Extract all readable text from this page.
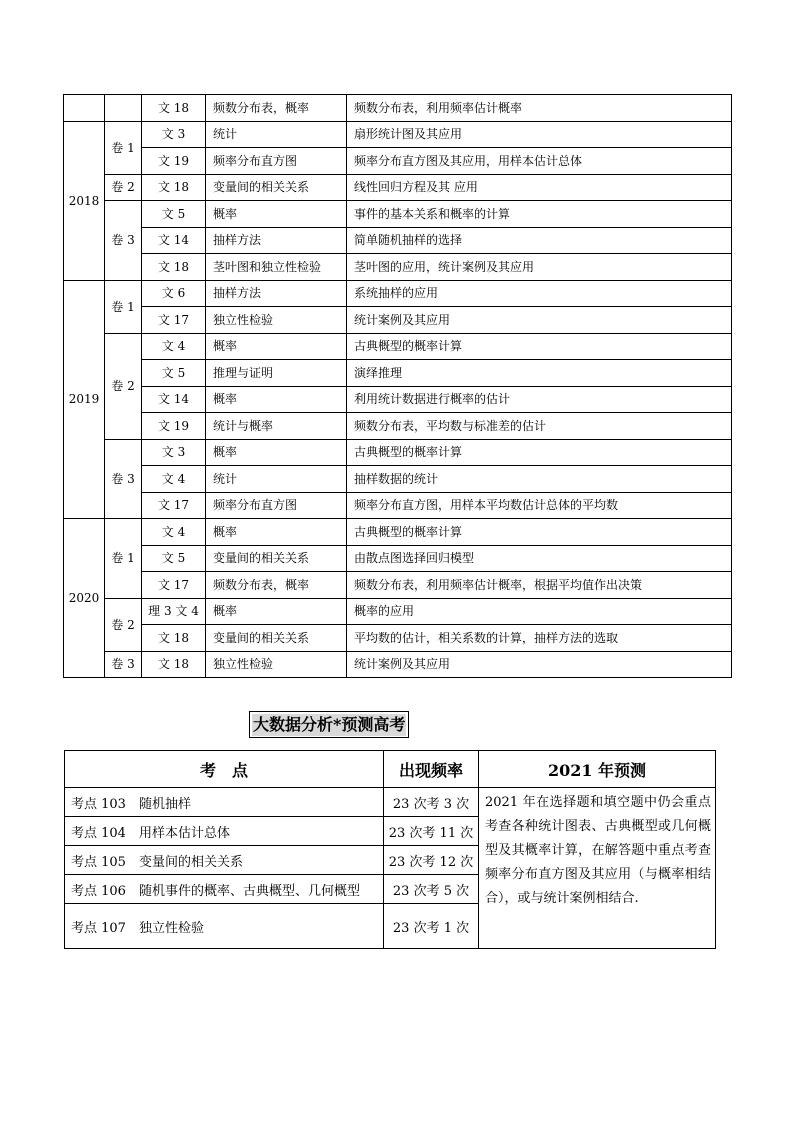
		文 18	频数分布表，概率	频数分布表，利用频率估计概率
2018	卷 1	文 3	统计	扇形统计图及其应用
		文 19	频率分布直方图	频率分布直方图及其应用，用样本估计总体
	卷 2	文 18	变量间的相关关系	线性回归方程及其 应用
	卷 3	文 5	概率	事件的基本关系和概率的计算
		文 14	抽样方法	简单随机抽样的选择
		文 18	茎叶图和独立性检验	茎叶图的应用，统计案例及其应用
2019	卷 1	文 6	抽样方法	系统抽样的应用
		文 17	独立性检验	统计案例及其应用
	卷 2	文 4	概率	古典概型的概率计算
		文 5	推理与证明	演绎推理
		文 14	概率	利用统计数据进行概率的估计
		文 19	统计与概率	频数分布表，平均数与标准差的估计
	卷 3	文 3	概率	古典概型的概率计算
		文 4	统计	抽样数据的统计
		文 17	频率分布直方图	频率分布直方图，用样本平均数估计总体的平均数
2020	卷 1	文 4	概率	古典概型的概率计算
		文 5	变量间的相关关系	由散点图选择回归模型
		文 17	频数分布表，概率	频数分布表，利用频率估计概率，根据平均值作出决策
	卷 2	理 3 文 4	概率	概率的应用
		文 18	变量间的相关关系	平均数的估计，相关系数的计算，抽样方法的选取
	卷 3	文 18	独立性检验	统计案例及其应用
大数据分析*预测高考
考　点	出现频率	2021 年预测
考点 103　随机抽样	23 次考 3 次	2021 年在选择题和填空题中仍会重点考查各种统计图表、古典概型或几何概型及其概率计算，在解答题中重点考查频率分布直方图及其应用（与概率相结合），或与统计案例相结合.
考点 104　用样本估计总体	23 次考 11 次	
考点 105　变量间的相关关系	23 次考 12 次	
考点 106　随机事件的概率、古典概型、几何概型	23 次考 5 次	
考点 107　独立性检验	23 次考 1 次	
